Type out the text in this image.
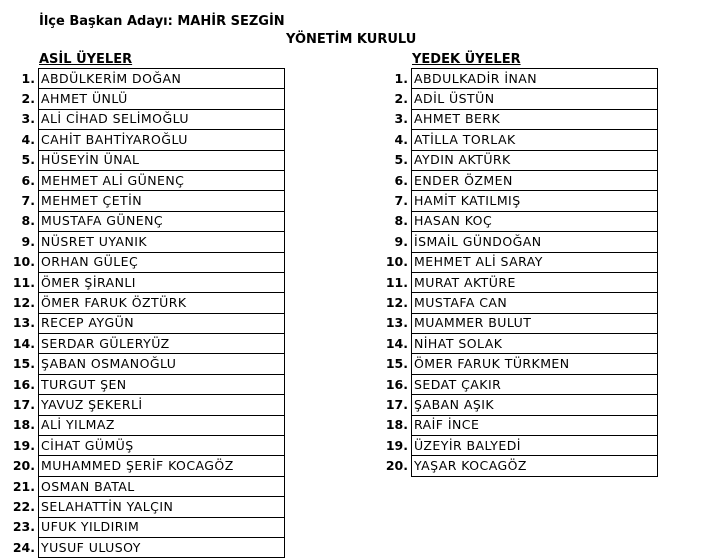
İlçe Başkan Adayı: MAHİR SEZGİN
YÖNETİM KURULU
ASİL ÜYELER	YEDEK ÜYELER
1.	ABDÜLKERİM DOĞAN
2.	AHMET ÜNLÜ
3.	ALİ CİHAD SELİMOĞLU
4.	CAHİT BAHTİYAROĞLU
5.	HÜSEYİN ÜNAL
6.	MEHMET ALİ GÜNENÇ
7.	MEHMET ÇETİN
8.	MUSTAFA GÜNENÇ
9.	NÜSRET UYANIK
10.	ORHAN GÜLEÇ
11.	ÖMER ŞİRANLI
12.	ÖMER FARUK ÖZTÜRK
13.	RECEP AYGÜN
14.	SERDAR GÜLERYÜZ
15.	ŞABAN OSMANOĞLU
16.	TURGUT ŞEN
17.	YAVUZ ŞEKERLİ
18.	ALİ YILMAZ
19.	CİHAT GÜMÜŞ
20.	MUHAMMED ŞERİF KOCAGÖZ
21.	OSMAN BATAL
22.	SELAHATTİN YALÇIN
23.	UFUK YILDIRIM
24.	YUSUF ULUSOY
1.	ABDULKADİR İNAN
2.	ADİL ÜSTÜN
3.	AHMET BERK
4.	ATİLLA TORLAK
5.	AYDIN AKTÜRK
6.	ENDER ÖZMEN
7.	HAMİT KATILMIŞ
8.	HASAN KOÇ
9.	İSMAİL GÜNDOĞAN
10.	MEHMET ALİ SARAY
11.	MURAT AKTÜRE
12.	MUSTAFA CAN
13.	MUAMMER BULUT
14.	NİHAT SOLAK
15.	ÖMER FARUK TÜRKMEN
16.	SEDAT ÇAKIR
17.	ŞABAN AŞIK
18.	RAİF İNCE
19.	ÜZEYİR BALYEDİ
20.	YAŞAR KOCAGÖZ
